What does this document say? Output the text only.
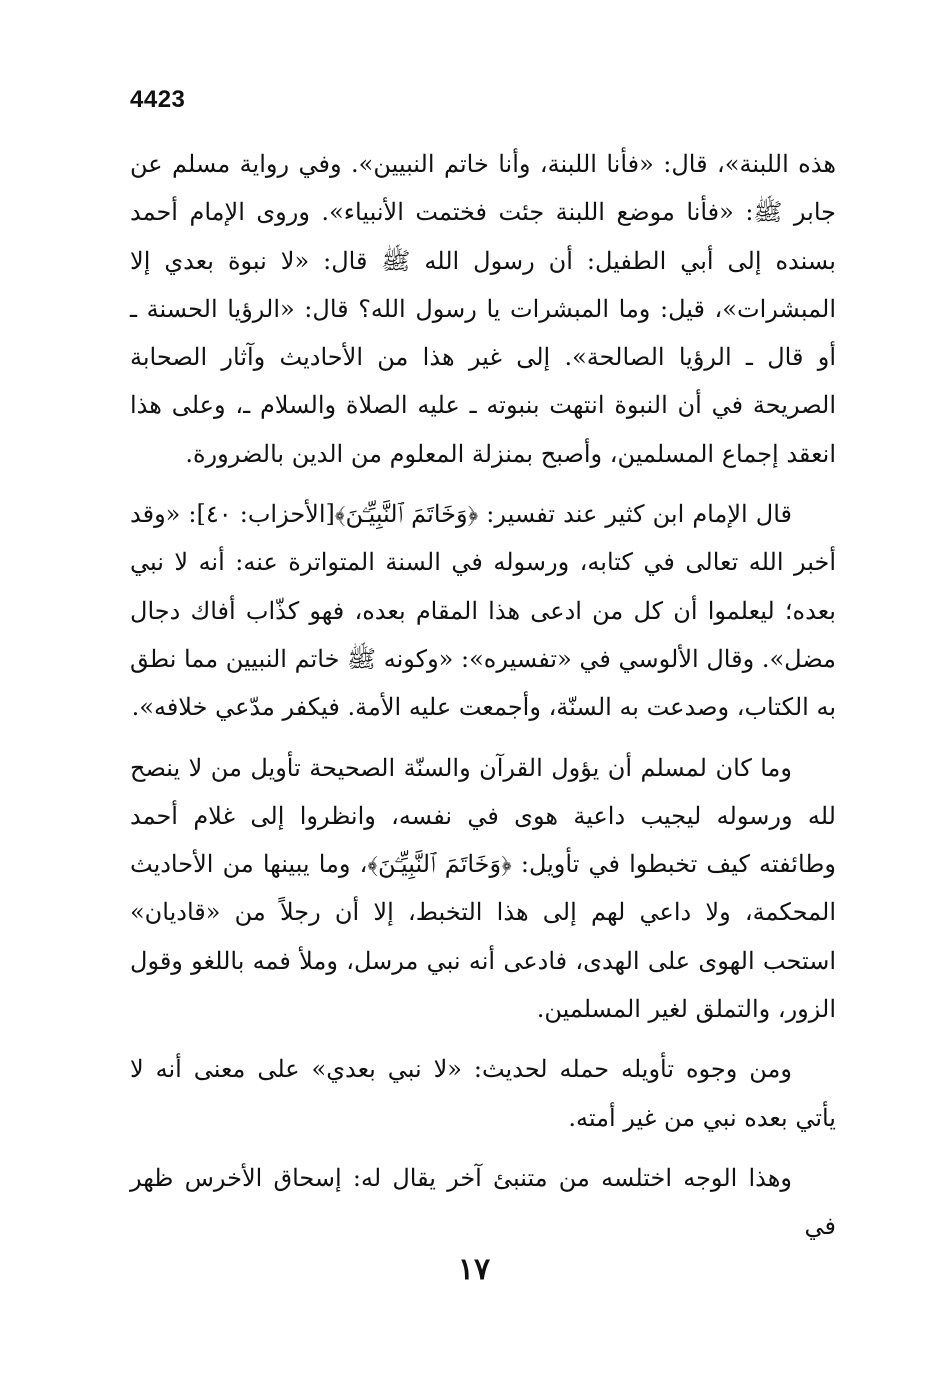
4423

هذه اللبنة»، قال: «فأنا اللبنة، وأنا خاتم النبيين». وفي رواية مسلم عن جابر ﷺ: «فأنا موضع اللبنة جئت فختمت الأنبياء». وروى الإمام أحمد بسنده إلى أبي الطفيل: أن رسول الله ﷺ قال: «لا نبوة بعدي إلا المبشرات»، قيل: وما المبشرات يا رسول الله؟ قال: «الرؤيا الحسنة ـ أو قال ـ الرؤيا الصالحة». إلى غير هذا من الأحاديث وآثار الصحابة الصريحة في أن النبوة انتهت بنبوته ـ عليه الصلاة والسلام ـ، وعلى هذا انعقد إجماع المسلمين، وأصبح بمنزلة المعلوم من الدين بالضرورة.

قال الإمام ابن كثير عند تفسير: ﴿وَخَاتَمَ ٱلنَّبِيِّـۧنَ﴾[الأحزاب: ٤٠]: «وقد أخبر الله تعالى في كتابه، ورسوله في السنة المتواترة عنه: أنه لا نبي بعده؛ ليعلموا أن كل من ادعى هذا المقام بعده، فهو كذّاب أفاك دجال مضل». وقال الألوسي في «تفسيره»: «وكونه ﷺ خاتم النبيين مما نطق به الكتاب، وصدعت به السنّة، وأجمعت عليه الأمة. فيكفر مدّعي خلافه».

وما كان لمسلم أن يؤول القرآن والسنّة الصحيحة تأويل من لا ينصح لله ورسوله ليجيب داعية هوى في نفسه، وانظروا إلى غلام أحمد وطائفته كيف تخبطوا في تأويل: ﴿وَخَاتَمَ ٱلنَّبِيِّـۧنَ﴾، وما يبينها من الأحاديث المحكمة، ولا داعي لهم إلى هذا التخبط، إلا أن رجلاً من «قاديان» استحب الهوى على الهدى، فادعى أنه نبي مرسل، وملأ فمه باللغو وقول الزور، والتملق لغير المسلمين.

ومن وجوه تأويله حمله لحديث: «لا نبي بعدي» على معنى أنه لا يأتي بعده نبي من غير أمته.

وهذا الوجه اختلسه من متنبئ آخر يقال له: إسحاق الأخرس ظهر في

١٧
